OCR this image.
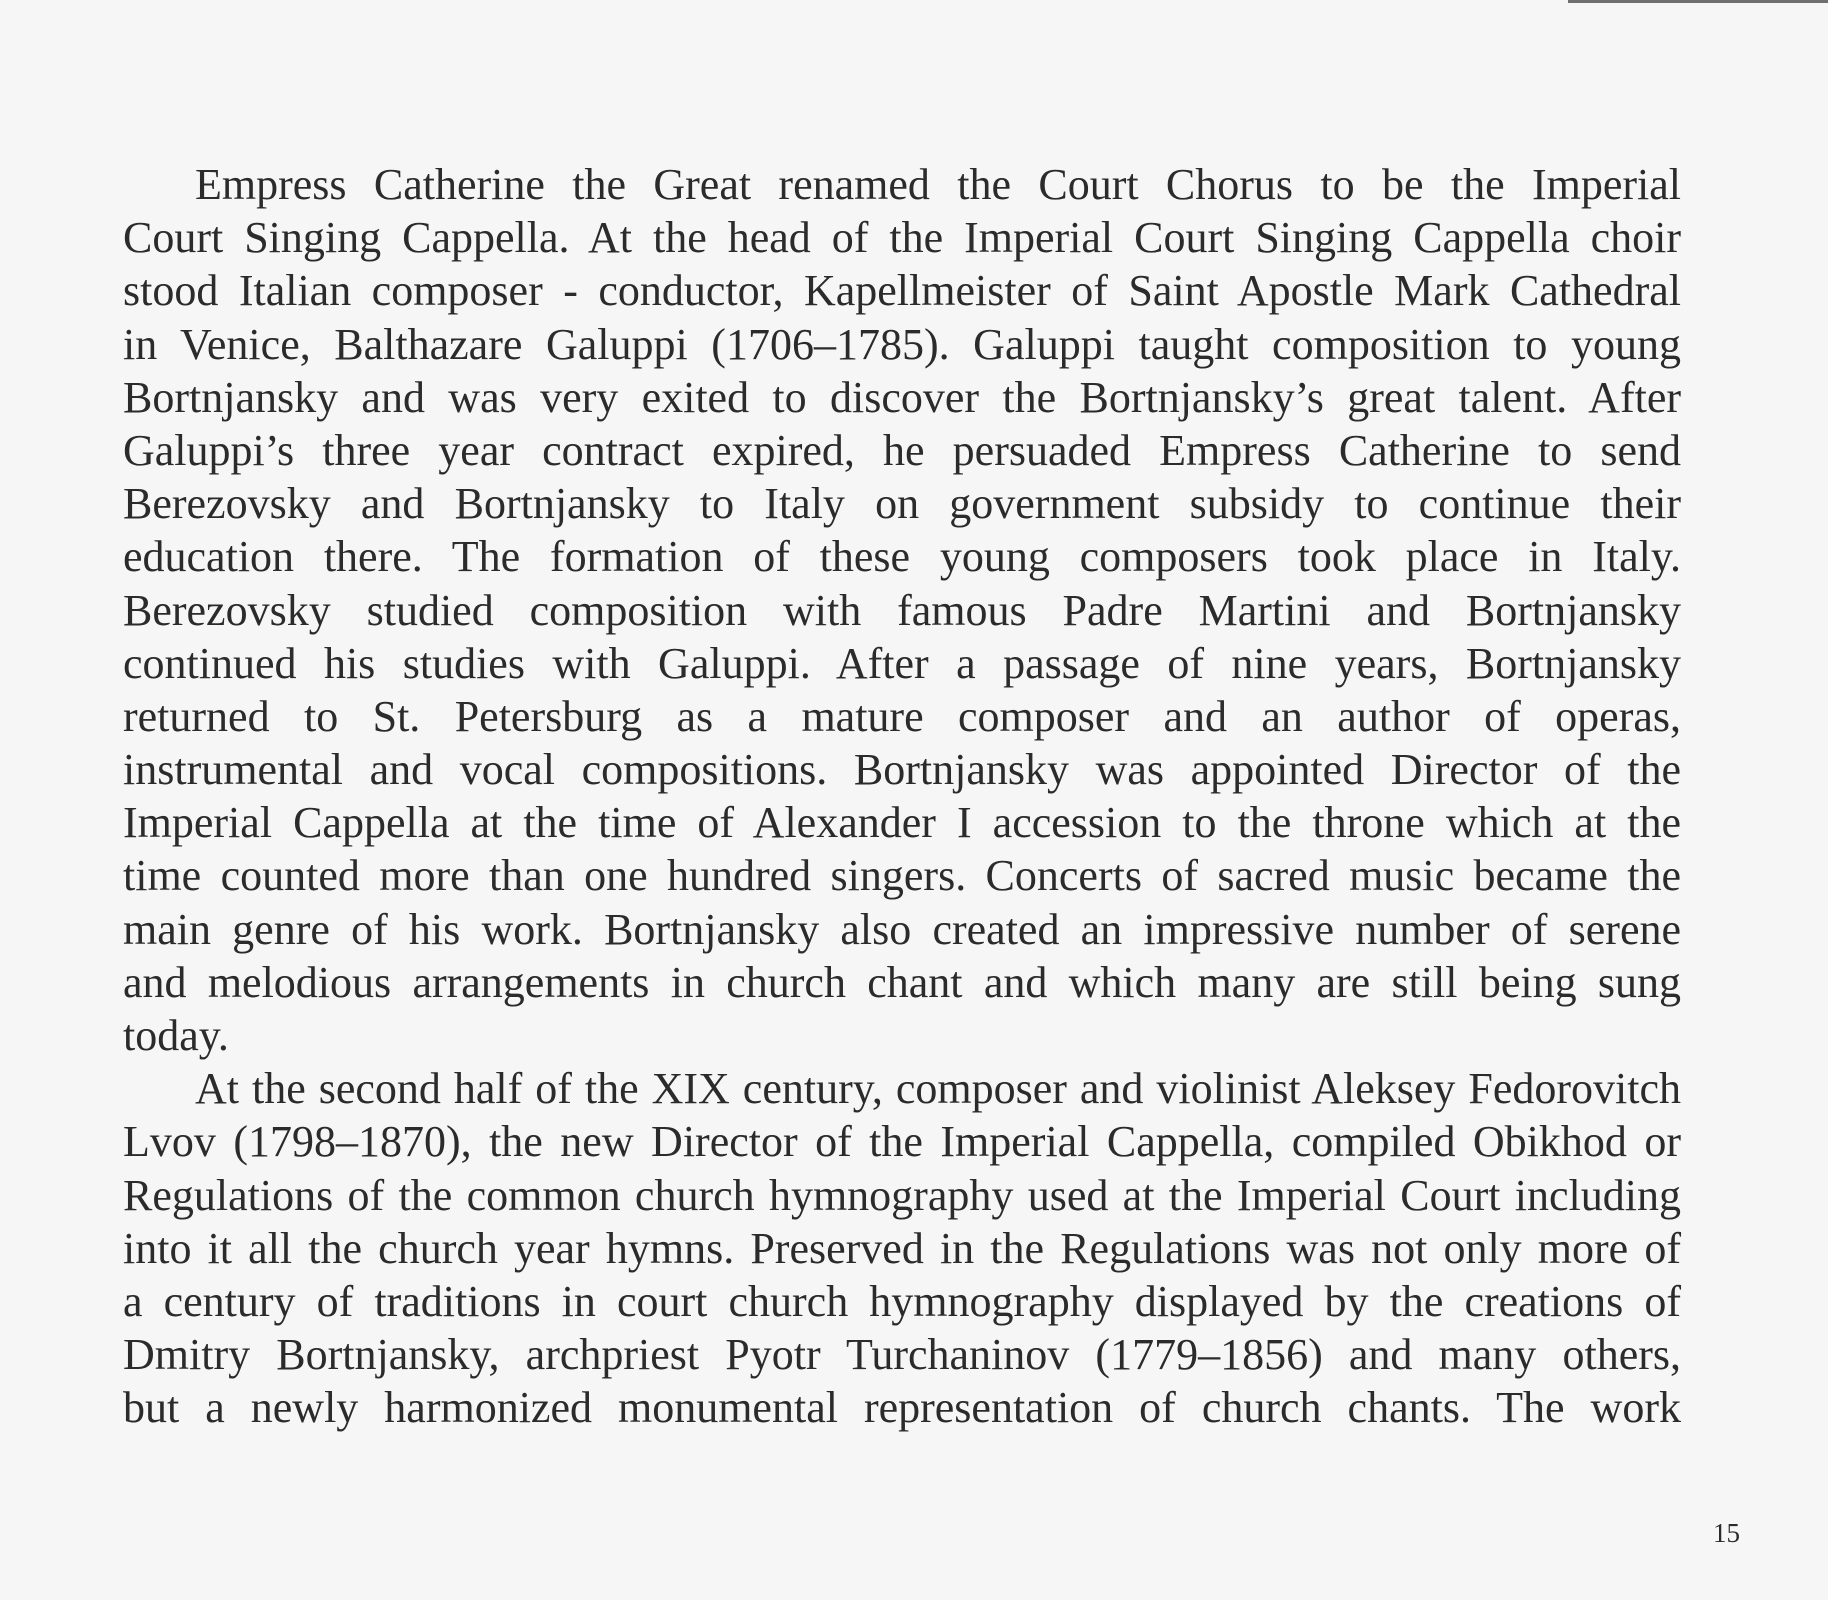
Empress Catherine the Great renamed the Court Chorus to be the Imperial
Court Singing Cappella. At the head of the Imperial Court Singing Cappella choir
stood Italian composer - conductor, Kapellmeister of Saint Apostle Mark Cathedral
in Venice, Balthazare Galuppi (1706–1785). Galuppi taught composition to young
Bortnjansky and was very exited to discover the Bortnjansky’s great talent. After
Galuppi’s three year contract expired, he persuaded Empress Catherine to send
Berezovsky and Bortnjansky to Italy on government subsidy to continue their
education there. The formation of these young composers took place in Italy.
Berezovsky studied composition with famous Padre Martini and Bortnjansky
continued his studies with Galuppi. After a passage of nine years, Bortnjansky
returned to St. Petersburg as a mature composer and an author of operas,
instrumental and vocal compositions. Bortnjansky was appointed Director of the
Imperial Cappella at the time of Alexander I accession to the throne which at the
time counted more than one hundred singers. Concerts of sacred music became the
main genre of his work. Bortnjansky also created an impressive number of serene
and melodious arrangements in church chant and which many are still being sung
today.
At the second half of the XIX century, composer and violinist Aleksey Fedorovitch
Lvov (1798–1870), the new Director of the Imperial Cappella, compiled Obikhod or
Regulations of the common church hymnography used at the Imperial Court including
into it all the church year hymns. Preserved in the Regulations was not only more of
a century of traditions in court church hymnography displayed by the creations of
Dmitry Bortnjansky, archpriest Pyotr Turchaninov (1779–1856) and many others,
but a newly harmonized monumental representation of church chants. The work
15
